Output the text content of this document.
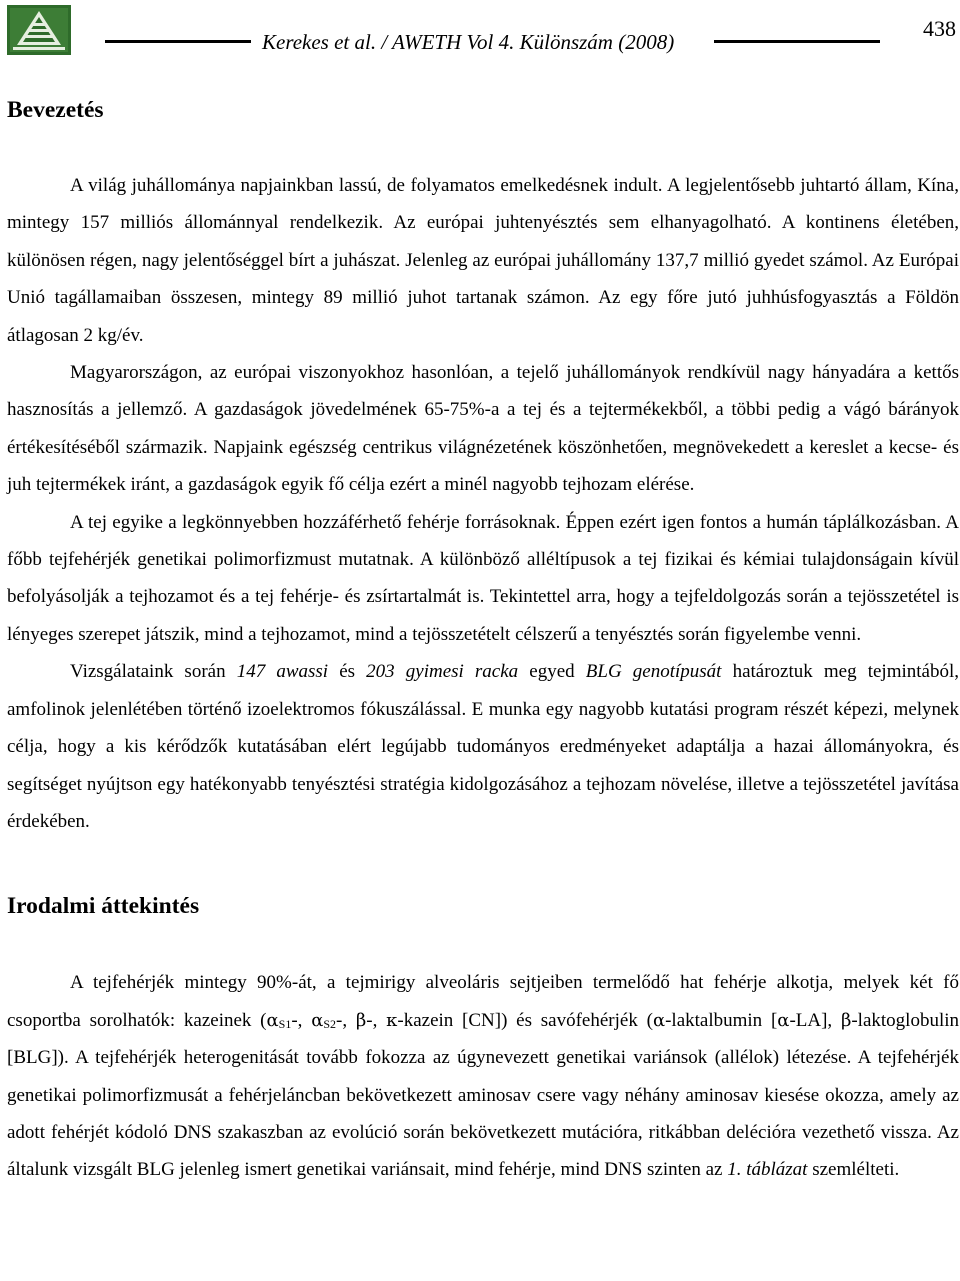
Kerekes et al. / AWETH Vol 4. Különszám (2008)
438
Bevezetés

A világ juhállománya napjainkban lassú, de folyamatos emelkedésnek indult. A legjelentősebb juhtartó állam, Kína, mintegy 157 milliós állománnyal rendelkezik. Az európai juhtenyésztés sem elhanyagolható. A kontinens életében, különösen régen, nagy jelentőséggel bírt a juhászat. Jelenleg az európai juhállomány 137,7 millió gyedet számol. Az Európai Unió tagállamaiban összesen, mintegy 89 millió juhot tartanak számon. Az egy főre jutó juhhúsfogyasztás a Földön átlagosan 2 kg/év.

Magyarországon, az európai viszonyokhoz hasonlóan, a tejelő juhállományok rendkívül nagy hányadára a kettős hasznosítás a jellemző. A gazdaságok jövedelmének 65-75%-a a tej és a tejtermékekből, a többi pedig a vágó bárányok értékesítéséből származik. Napjaink egészség centrikus világnézetének köszönhetően, megnövekedett a kereslet a kecse- és juh tejtermékek iránt, a gazdaságok egyik fő célja ezért a minél nagyobb tejhozam elérése.

A tej egyike a legkönnyebben hozzáférhető fehérje forrásoknak. Éppen ezért igen fontos a humán táplálkozásban. A főbb tejfehérjék genetikai polimorfizmust mutatnak. A különböző alléltípusok a tej fizikai és kémiai tulajdonságain kívül befolyásolják a tejhozamot és a tej fehérje- és zsírtartalmát is. Tekintettel arra, hogy a tejfeldolgozás során a tejösszetétel is lényeges szerepet játszik, mind a tejhozamot, mind a tejösszetételt célszerű a tenyésztés során figyelembe venni.

Vizsgálataink során 147 awassi és 203 gyimesi racka egyed BLG genotípusát határoztuk meg tejmintából, amfolinok jelenlétében történő izoelektromos fókuszálással. E munka egy nagyobb kutatási program részét képezi, melynek célja, hogy a kis kérődzők kutatásában elért legújabb tudományos eredményeket adaptálja a hazai állományokra, és segítséget nyújtson egy hatékonyabb tenyésztési stratégia kidolgozásához a tejhozam növelése, illetve a tejösszetétel javítása érdekében.

Irodalmi áttekintés

A tejfehérjék mintegy 90%-át, a tejmirigy alveoláris sejtjeiben termelődő hat fehérje alkotja, melyek két fő csoportba sorolhatók: kazeinek ($\alpha_{S1}-$, $\alpha_{S2}-$, β-, κ-kazein [CN]) és savófehérjék (α-laktalbumin [α-LA], β-laktoglobulin [BLG]). A tejfehérjék heterogenitását tovább fokozza az úgynevezett genetikai variánsok (allélok) létezése. A tejfehérjék genetikai polimorfizmusát a fehérjeláncban bekövetkezett aminosav csere vagy néhány aminosav kiesése okozza, amely az adott fehérjét kódoló DNS szakaszban az evolúció során bekövetkezett mutációra, ritkábban delécióra vezethető vissza. Az általunk vizsgált BLG jelenleg ismert genetikai variánsait, mind fehérje, mind DNS szinten az 1. táblázat szemlélteti.
